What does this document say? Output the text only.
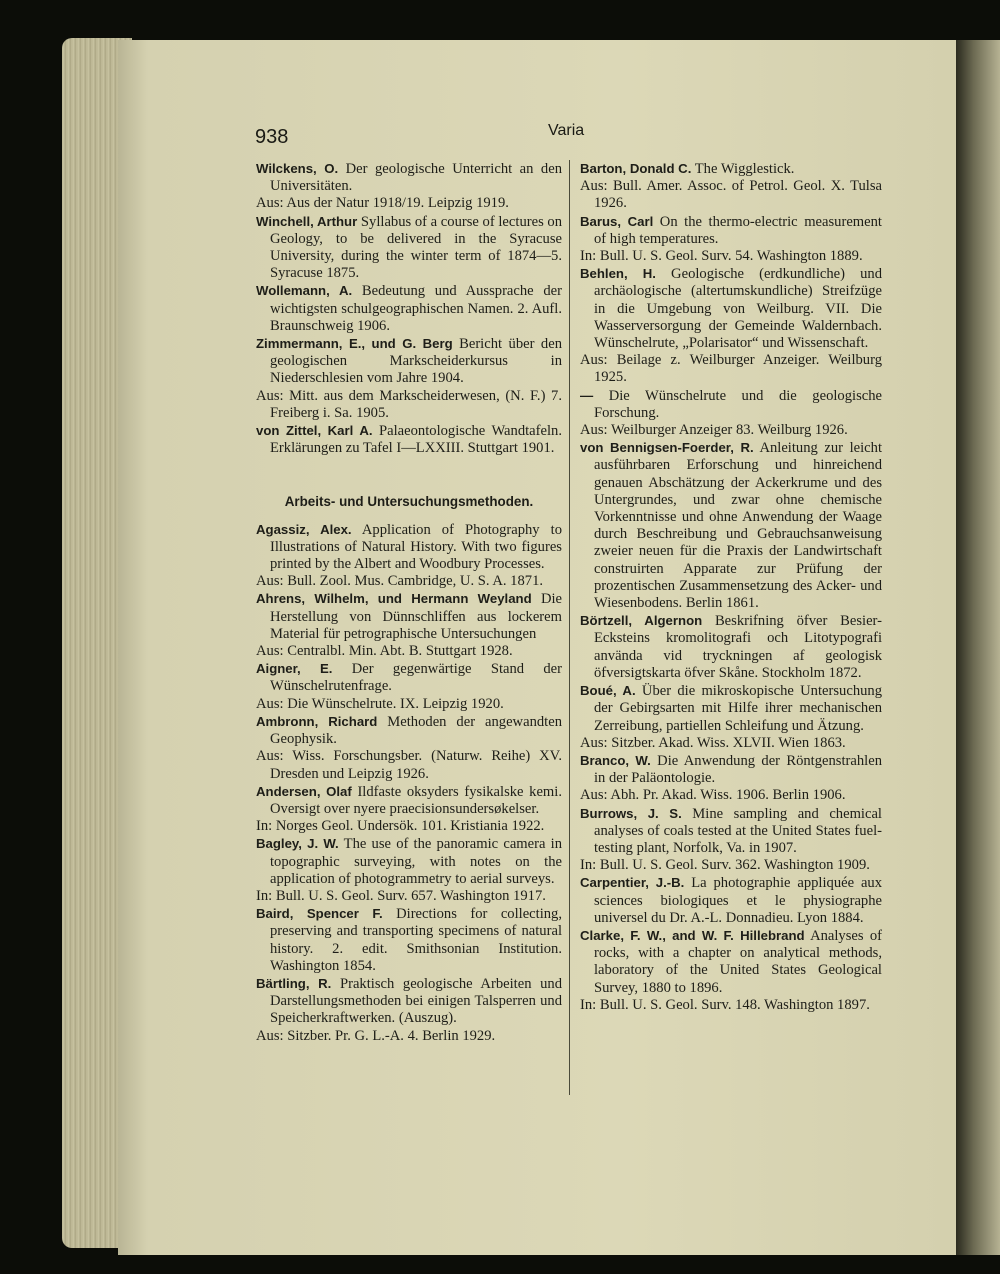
938	Varia
Wilckens, O. Der geologische Unterricht an den Universitäten.
Aus: Aus der Natur 1918/19. Leipzig 1919.
Winchell, Arthur Syllabus of a course of lectures on Geology, to be delivered in the Syracuse University, during the winter term of 1874—5. Syracuse 1875.
Wollemann, A. Bedeutung und Aussprache der wichtigsten schulgeographischen Namen. 2. Aufl. Braunschweig 1906.
Zimmermann, E., und G. Berg Bericht über den geologischen Markscheiderkursus in Niederschlesien vom Jahre 1904.
Aus: Mitt. aus dem Markscheiderwesen, (N. F.) 7. Freiberg i. Sa. 1905.
von Zittel, Karl A. Palaeontologische Wandtafeln. Erklärungen zu Tafel I—LXXIII. Stuttgart 1901.
Arbeits- und Untersuchungsmethoden.
Agassiz, Alex. Application of Photography to Illustrations of Natural History. With two figures printed by the Albert and Woodbury Processes.
Aus: Bull. Zool. Mus. Cambridge, U. S. A. 1871.
Ahrens, Wilhelm, und Hermann Weyland Die Herstellung von Dünnschliffen aus lockerem Material für petrographische Untersuchungen
Aus: Centralbl. Min. Abt. B. Stuttgart 1928.
Aigner, E. Der gegenwärtige Stand der Wünschelrutenfrage.
Aus: Die Wünschelrute. IX. Leipzig 1920.
Ambronn, Richard Methoden der angewandten Geophysik.
Aus: Wiss. Forschungsber. (Naturw. Reihe) XV. Dresden und Leipzig 1926.
Andersen, Olaf Ildfaste oksyders fysikalske kemi. Oversigt over nyere praecisionsundersøkelser.
In: Norges Geol. Undersök. 101. Kristiania 1922.
Bagley, J. W. The use of the panoramic camera in topographic surveying, with notes on the application of photogrammetry to aerial surveys.
In: Bull. U. S. Geol. Surv. 657. Washington 1917.
Baird, Spencer F. Directions for collecting, preserving and transporting specimens of natural history. 2. edit. Smithsonian Institution. Washington 1854.
Bärtling, R. Praktisch geologische Arbeiten und Darstellungsmethoden bei einigen Talsperren und Speicherkraftwerken. (Auszug).
Aus: Sitzber. Pr. G. L.-A. 4. Berlin 1929.
Barton, Donald C. The Wigglestick.
Aus: Bull. Amer. Assoc. of Petrol. Geol. X. Tulsa 1926.
Barus, Carl On the thermo-electric measurement of high temperatures.
In: Bull. U. S. Geol. Surv. 54. Washington 1889.
Behlen, H. Geologische (erdkundliche) und archäologische (altertumskundliche) Streifzüge in die Umgebung von Weilburg. VII. Die Wasserversorgung der Gemeinde Waldernbach. Wünschelrute, „Polarisator“ und Wissenschaft.
Aus: Beilage z. Weilburger Anzeiger. Weilburg 1925.
— Die Wünschelrute und die geologische Forschung.
Aus: Weilburger Anzeiger 83. Weilburg 1926.
von Bennigsen-Foerder, R. Anleitung zur leicht ausführbaren Erforschung und hinreichend genauen Abschätzung der Ackerkrume und des Untergrundes, und zwar ohne chemische Vorkenntnisse und ohne Anwendung der Waage durch Beschreibung und Gebrauchsanweisung zweier neuen für die Praxis der Landwirtschaft construirten Apparate zur Prüfung der prozentischen Zusammensetzung des Acker- und Wiesenbodens. Berlin 1861.
Börtzell, Algernon Beskrifning öfver Besier-Ecksteins kromolitografi och Litotypografi använda vid tryckningen af geologisk öfversigtskarta öfver Skåne. Stockholm 1872.
Boué, A. Über die mikroskopische Untersuchung der Gebirgsarten mit Hilfe ihrer mechanischen Zerreibung, partiellen Schleifung und Ätzung.
Aus: Sitzber. Akad. Wiss. XLVII. Wien 1863.
Branco, W. Die Anwendung der Röntgenstrahlen in der Paläontologie.
Aus: Abh. Pr. Akad. Wiss. 1906. Berlin 1906.
Burrows, J. S. Mine sampling and chemical analyses of coals tested at the United States fuel-testing plant, Norfolk, Va. in 1907.
In: Bull. U. S. Geol. Surv. 362. Washington 1909.
Carpentier, J.-B. La photographie appliquée aux sciences biologiques et le physiographe universel du Dr. A.-L. Donnadieu. Lyon 1884.
Clarke, F. W., and W. F. Hillebrand Analyses of rocks, with a chapter on analytical methods, laboratory of the United States Geological Survey, 1880 to 1896.
In: Bull. U. S. Geol. Surv. 148. Washington 1897.
